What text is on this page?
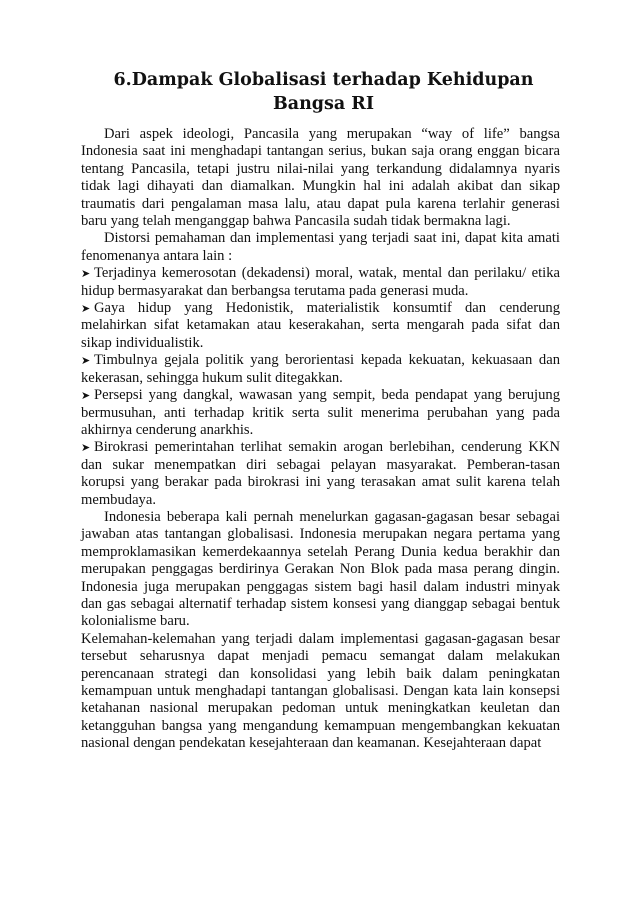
6.Dampak Globalisasi terhadap Kehidupan
Bangsa RI

Dari aspek ideologi, Pancasila yang merupakan “way of life” bangsa Indonesia saat ini menghadapi tantangan serius, bukan saja orang enggan bicara tentang Pancasila, tetapi justru nilai-nilai yang terkandung didalamnya nyaris tidak lagi dihayati dan diamalkan. Mungkin hal ini adalah akibat dan sikap traumatis dari pengalaman masa lalu, atau dapat pula karena terlahir generasi baru yang telah menganggap bahwa Pancasila sudah tidak bermakna lagi.

Distorsi pemahaman dan implementasi yang terjadi saat ini, dapat kita amati fenomenanya antara lain :

➤ Terjadinya kemerosotan (dekadensi) moral, watak, mental dan perilaku/ etika hidup bermasyarakat dan berbangsa terutama pada generasi muda.
➤ Gaya hidup yang Hedonistik, materialistik konsumtif dan cenderung melahirkan sifat ketamakan atau keserakahan, serta mengarah pada sifat dan sikap individualistik.
➤ Timbulnya gejala politik yang berorientasi kepada kekuatan, kekuasaan dan kekerasan, sehingga hukum sulit ditegakkan.
➤ Persepsi yang dangkal, wawasan yang sempit, beda pendapat yang berujung bermusuhan, anti terhadap kritik serta sulit menerima perubahan yang pada akhirnya cenderung anarkhis.
➤ Birokrasi pemerintahan terlihat semakin arogan berlebihan, cenderung KKN dan sukar menempatkan diri sebagai pelayan masyarakat. Pemberan-tasan korupsi yang berakar pada birokrasi ini yang terasakan amat sulit karena telah membudaya.

Indonesia beberapa kali pernah menelurkan gagasan-gagasan besar sebagai jawaban atas tantangan globalisasi. Indonesia merupakan negara pertama yang memproklamasikan kemerdekaannya setelah Perang Dunia kedua berakhir dan merupakan penggagas berdirinya Gerakan Non Blok pada masa perang dingin. Indonesia juga merupakan penggagas sistem bagi hasil dalam industri minyak dan gas sebagai alternatif terhadap sistem konsesi yang dianggap sebagai bentuk kolonialisme baru.

Kelemahan-kelemahan yang terjadi dalam implementasi gagasan-gagasan besar tersebut seharusnya dapat menjadi pemacu semangat dalam melakukan perencanaan strategi dan konsolidasi yang lebih baik dalam peningkatan kemampuan untuk menghadapi tantangan globalisasi. Dengan kata lain konsepsi ketahanan nasional merupakan pedoman untuk meningkatkan keuletan dan ketangguhan bangsa yang mengandung kemampuan mengembangkan kekuatan nasional dengan pendekatan kesejahteraan dan keamanan. Kesejahteraan dapat
